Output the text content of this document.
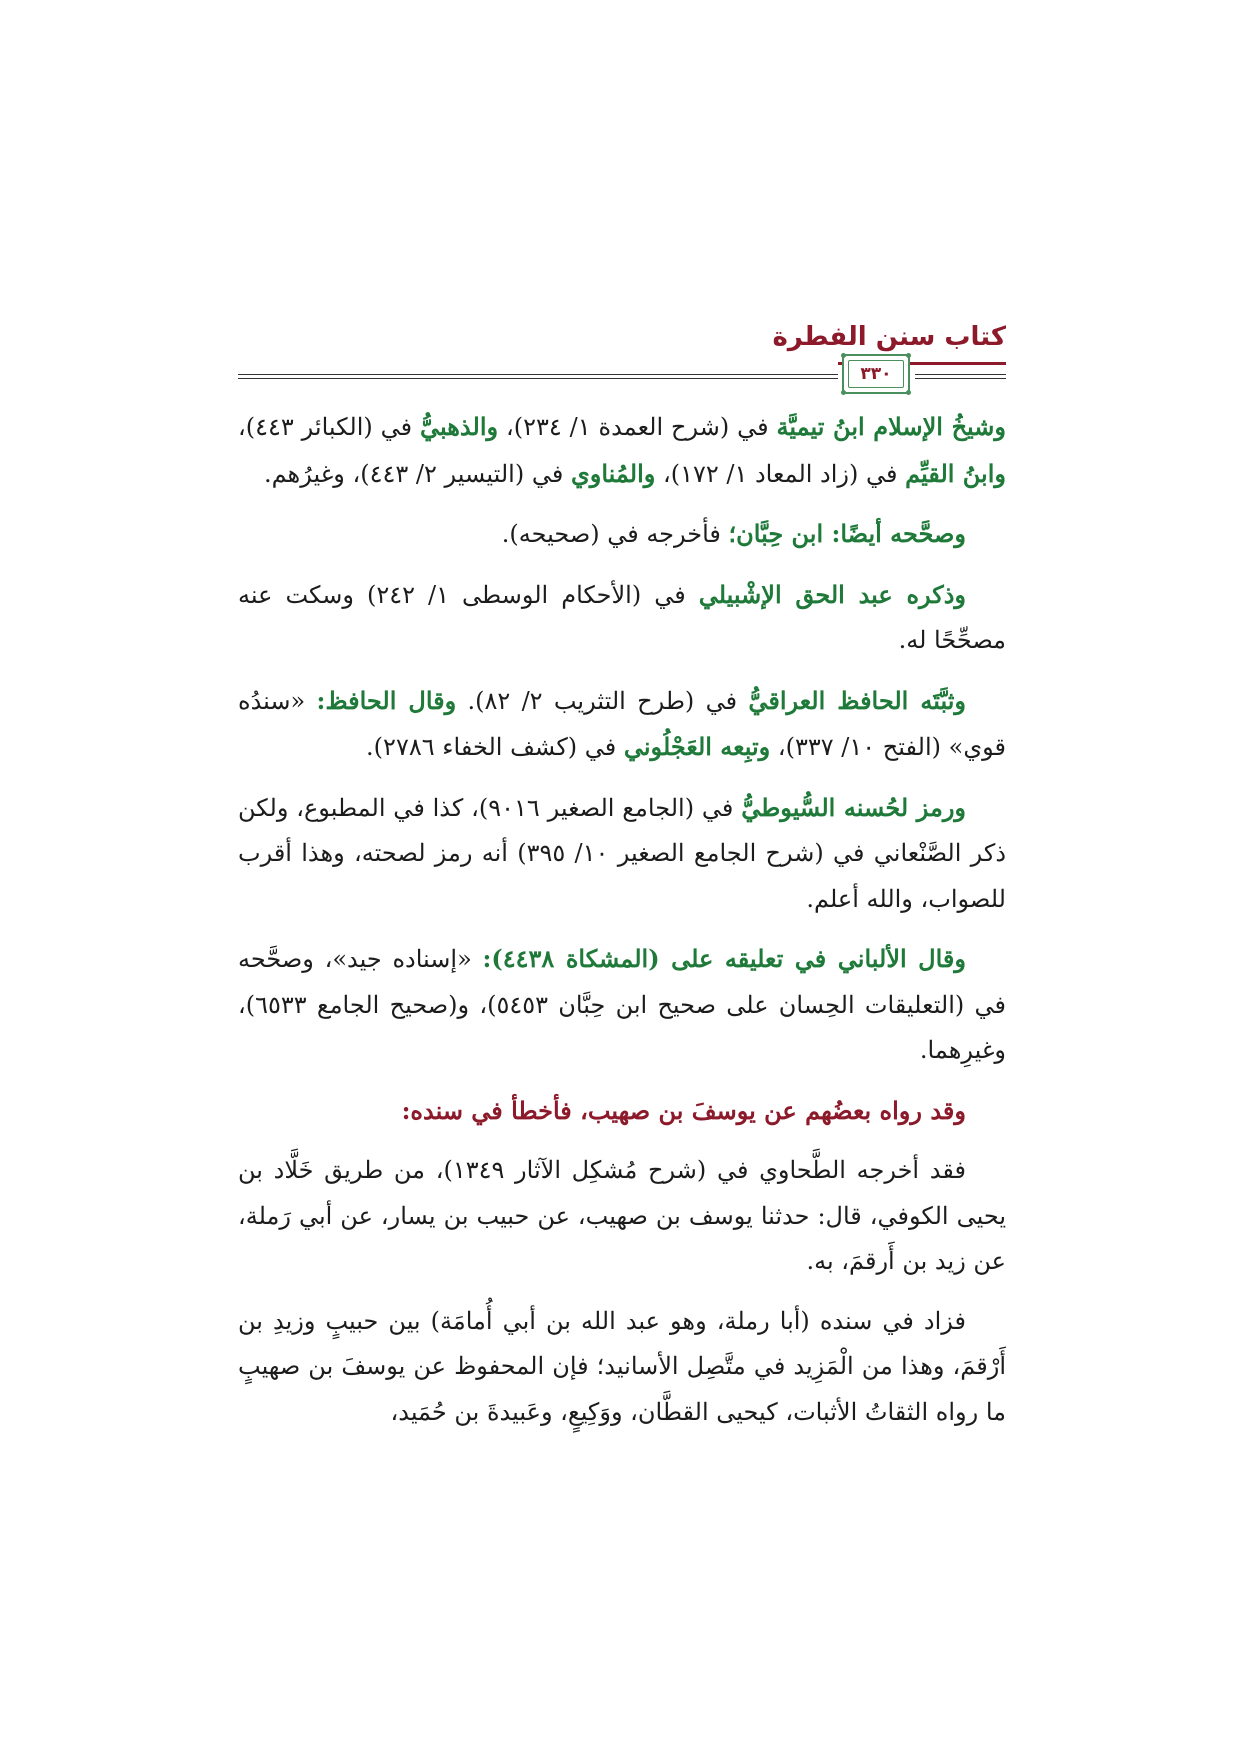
كتاب سنن الفطرة
٣٣٠

وشيخُ الإسلام ابنُ تيميَّة في (شرح العمدة ١/ ٢٣٤)، والذهبيُّ في (الكبائر ٤٤٣)، وابنُ القيِّم في (زاد المعاد ١/ ١٧٢)، والمُناوي في (التيسير ٢/ ٤٤٣)، وغيرُهم.

وصحَّحه أيضًا: ابن حِبَّان؛ فأخرجه في (صحيحه).

وذكره عبد الحق الإشْبيلي في (الأحكام الوسطى ١/ ٢٤٢) وسكت عنه مصحِّحًا له.

وثبَّتَه الحافظ العراقيُّ في (طرح التثريب ٢/ ٨٢). وقال الحافظ: «سندُه قوي» (الفتح ١٠/ ٣٣٧)، وتبِعه العَجْلُوني في (كشف الخفاء ٢٧٨٦).

ورمز لحُسنه السُّيوطيُّ في (الجامع الصغير ٩٠١٦)، كذا في المطبوع، ولكن ذكر الصَّنْعاني في (شرح الجامع الصغير ١٠/ ٣٩٥) أنه رمز لصحته، وهذا أقرب للصواب، والله أعلم.

وقال الألباني في تعليقه على (المشكاة ٤٤٣٨): «إسناده جيد»، وصحَّحه في (التعليقات الحِسان على صحيح ابن حِبَّان ٥٤٥٣)، و(صحيح الجامع ٦٥٣٣)، وغيرِهما.

وقد رواه بعضُهم عن يوسفَ بن صهيب، فأخطأ في سنده:

فقد أخرجه الطَّحاوي في (شرح مُشكِل الآثار ١٣٤٩)، من طريق خَلَّاد بن يحيى الكوفي، قال: حدثنا يوسف بن صهيب، عن حبيب بن يسار، عن أبي رَملة، عن زيد بن أَرقمَ، به.

فزاد في سنده (أبا رملة، وهو عبد الله بن أبي أُمامَة) بين حبيبٍ وزيدِ بن أَرْقمَ، وهذا من الْمَزِيد في متَّصِل الأسانيد؛ فإن المحفوظ عن يوسفَ بن صهيبٍ ما رواه الثقاتُ الأثبات، كيحيى القطَّان، ووَكِيعٍ، وعَبيدةَ بن حُمَيد،
